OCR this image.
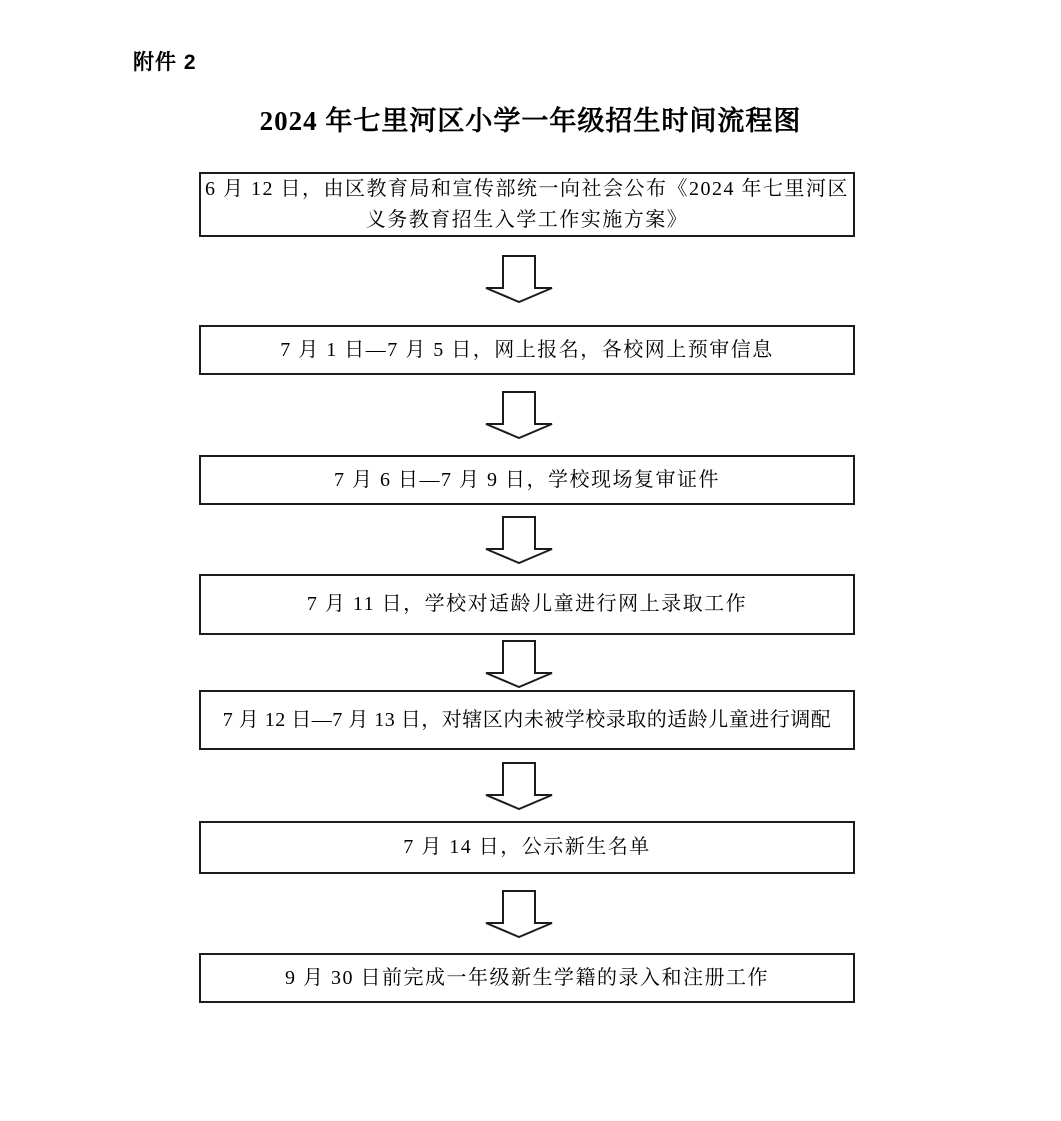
附件 2
2024 年七里河区小学一年级招生时间流程图
6 月 12 日，由区教育局和宣传部统一向社会公布《2024 年七里河区
义务教育招生入学工作实施方案》
7 月 1 日—7 月 5 日，网上报名，各校网上预审信息
7 月 6 日—7 月 9 日，学校现场复审证件
7 月 11 日，学校对适龄儿童进行网上录取工作
7 月 12 日—7 月 13 日，对辖区内未被学校录取的适龄儿童进行调配
7 月 14 日，公示新生名单
9 月 30 日前完成一年级新生学籍的录入和注册工作
